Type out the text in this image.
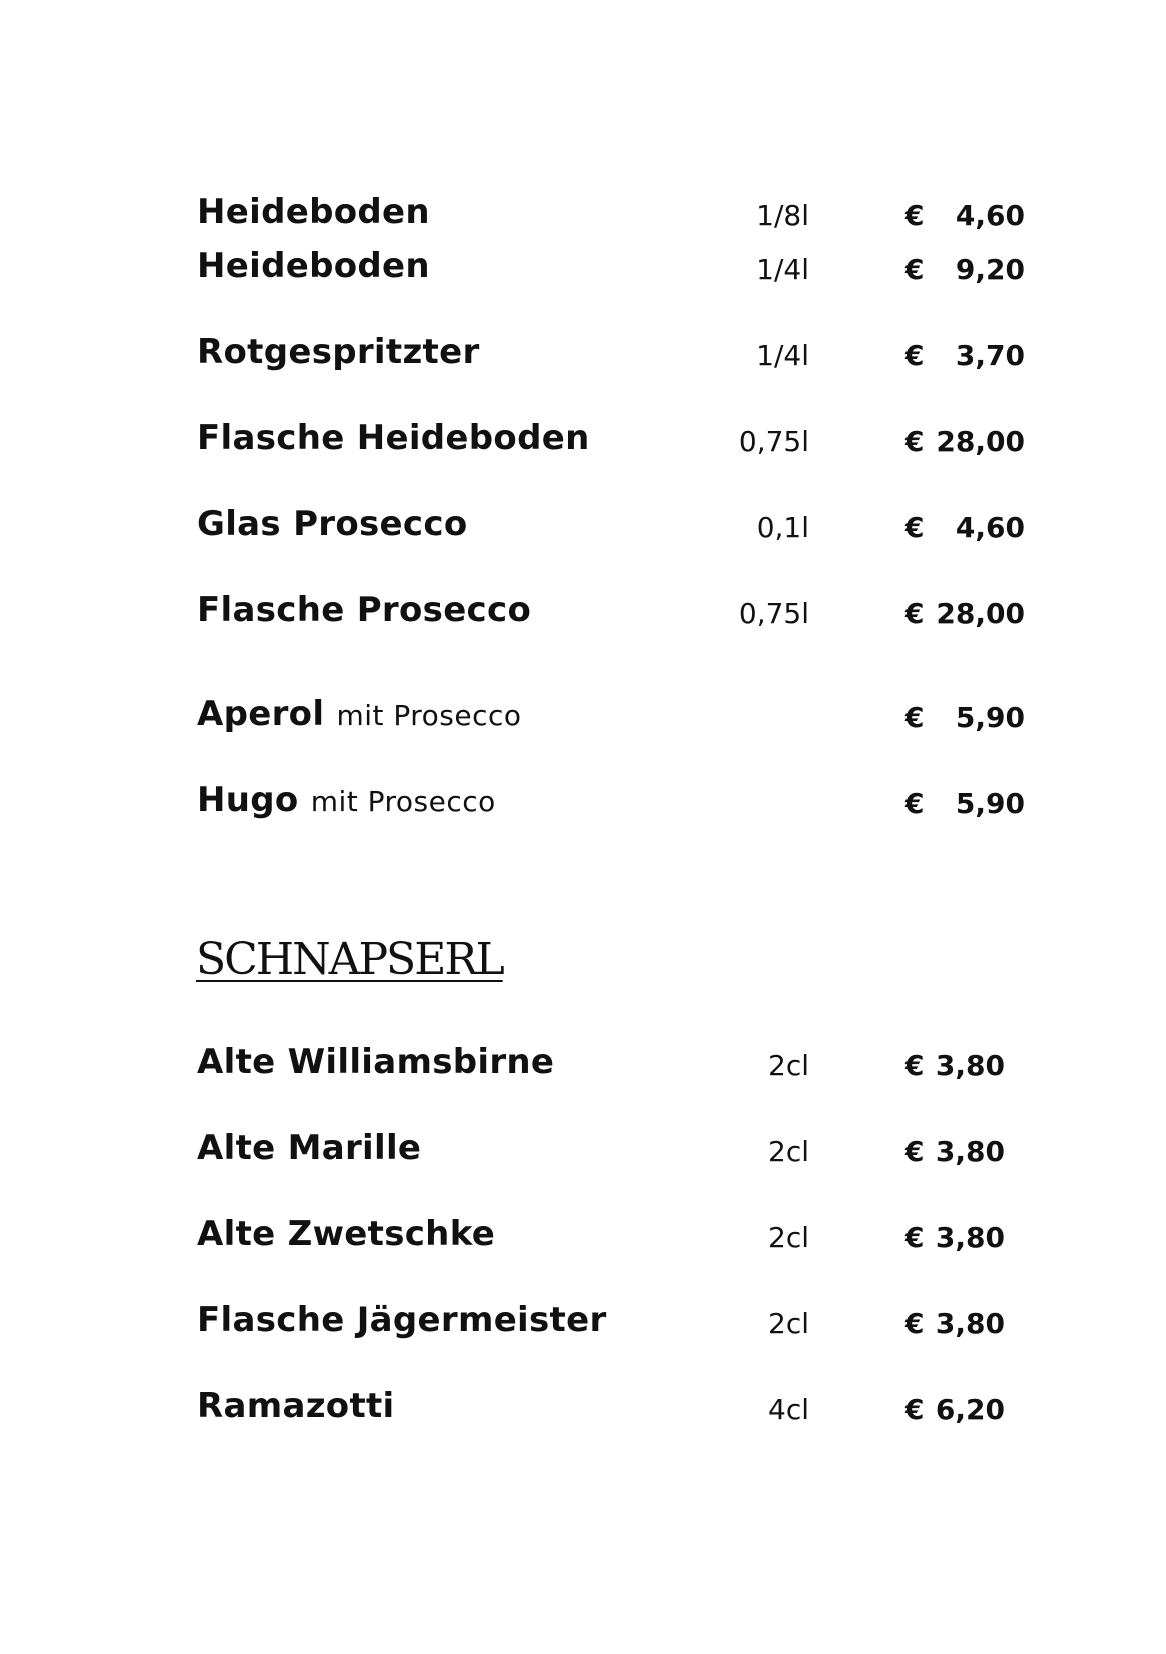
Heideboden	1/8l	€ 4,60
Heideboden	1/4l	€ 9,20
Rotgespritzter	1/4l	€ 3,70
Flasche Heideboden	0,75l	€ 28,00
Glas Prosecco	0,1l	€ 4,60
Flasche Prosecco	0,75l	€ 28,00
Aperol mit Prosecco	€ 5,90
Hugo mit Prosecco	€ 5,90
SCHNAPSERL
Alte Williamsbirne	2cl	€ 3,80
Alte Marille	2cl	€ 3,80
Alte Zwetschke	2cl	€ 3,80
Flasche Jägermeister	2cl	€ 3,80
Ramazotti	4cl	€ 6,20
